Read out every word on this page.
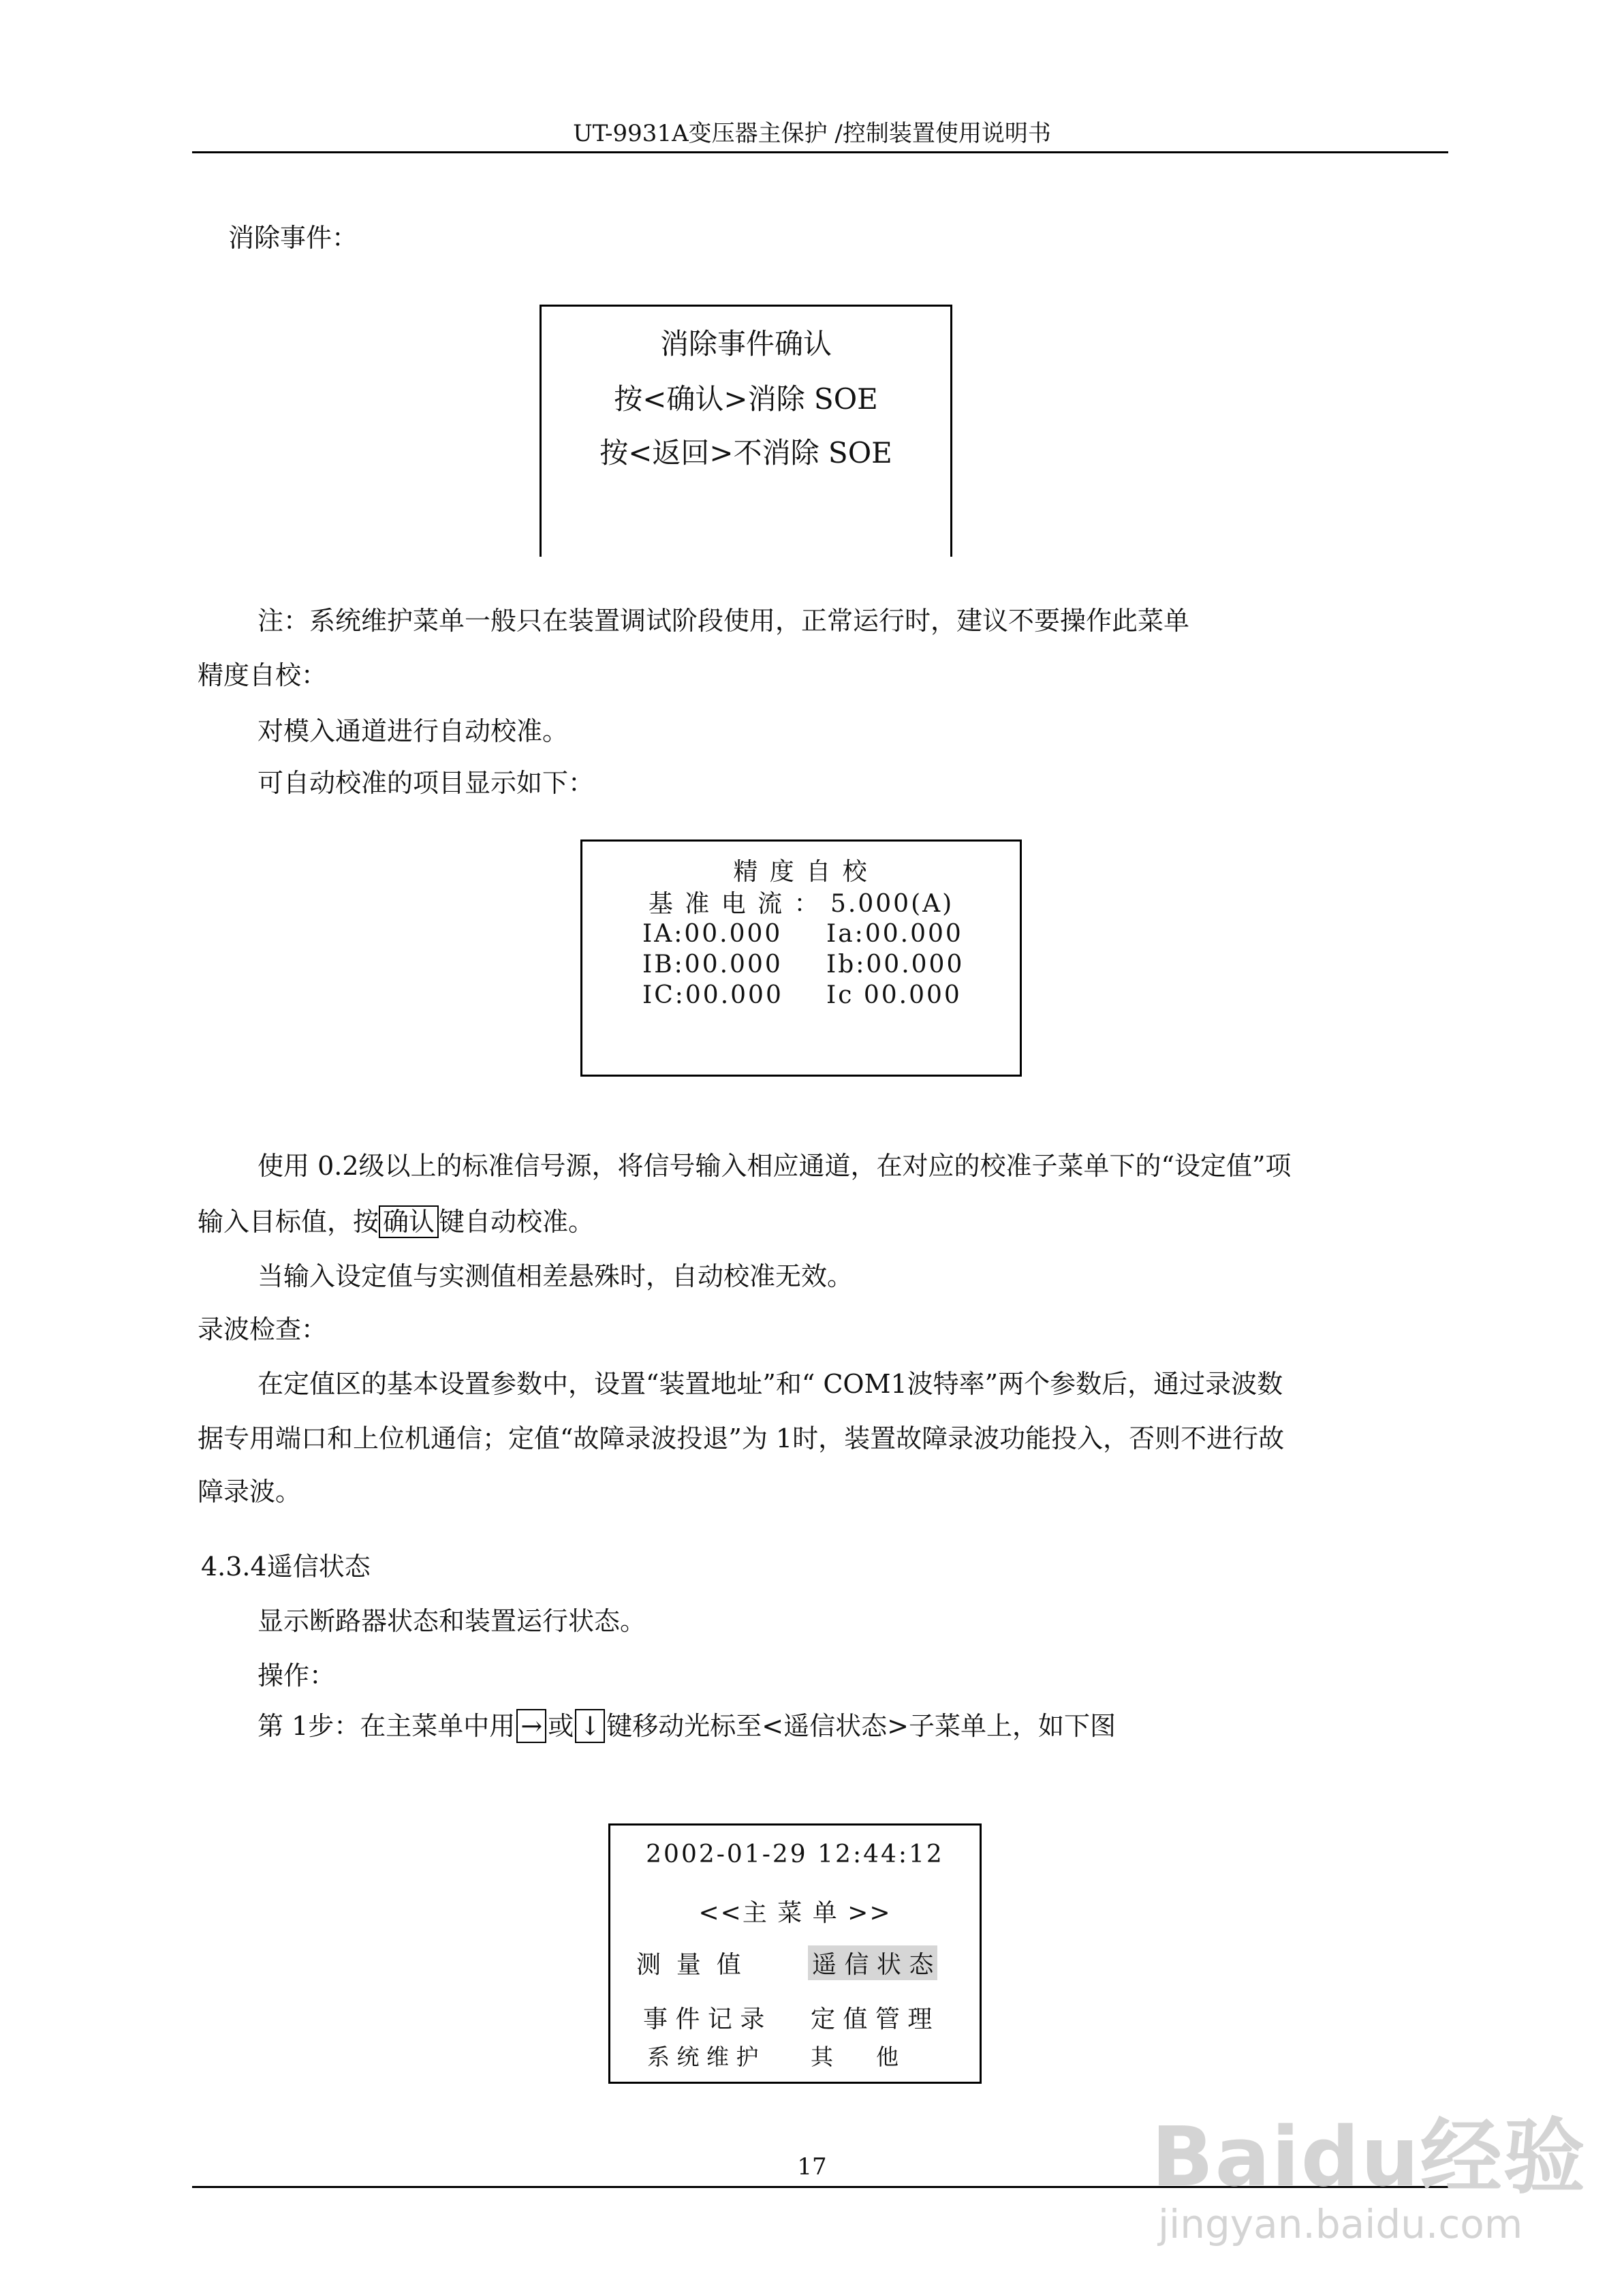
UT-9931A变压器主保护 /控制装置使用说明书
消除事件：
消除事件确认
按<确认>消除 SOE
按<返回>不消除 SOE
注：系统维护菜单一般只在装置调试阶段使用，正常运行时，建议不要操作此菜单
精度自校：
对模入通道进行自动校准。
可自动校准的项目显示如下：
精 度 自 校
基 准 电 流 ： 5.000(A)
IA:00.000 Ia:00.000
IB:00.000 Ib:00.000
IC:00.000 Ic 00.000
使用 0.2级以上的标准信号源，将信号输入相应通道，在对应的校准子菜单下的“设定值”项
输入目标值，按 确认 键自动校准。
当输入设定值与实测值相差悬殊时，自动校准无效。
录波检查：
在定值区的基本设置参数中，设置“装置地址”和“ COM1波特率”两个参数后，通过录波数
据专用端口和上位机通信；定值“故障录波投退”为 1时，装置故障录波功能投入，否则不进行故
障录波。
4.3.4遥信状态
显示断路器状态和装置运行状态。
操作：
第 1步：在主菜单中用 → 或 ↓ 键移动光标至<遥信状态>子菜单上，如下图
2002-01-29 12:44:12
<<主 菜 单 >>
测  量  值	遥 信 状 态
事 件 记 录 定 值 管 理
系 统 维 护 其      他
17	Baidu经验
jingyan.baidu.com
